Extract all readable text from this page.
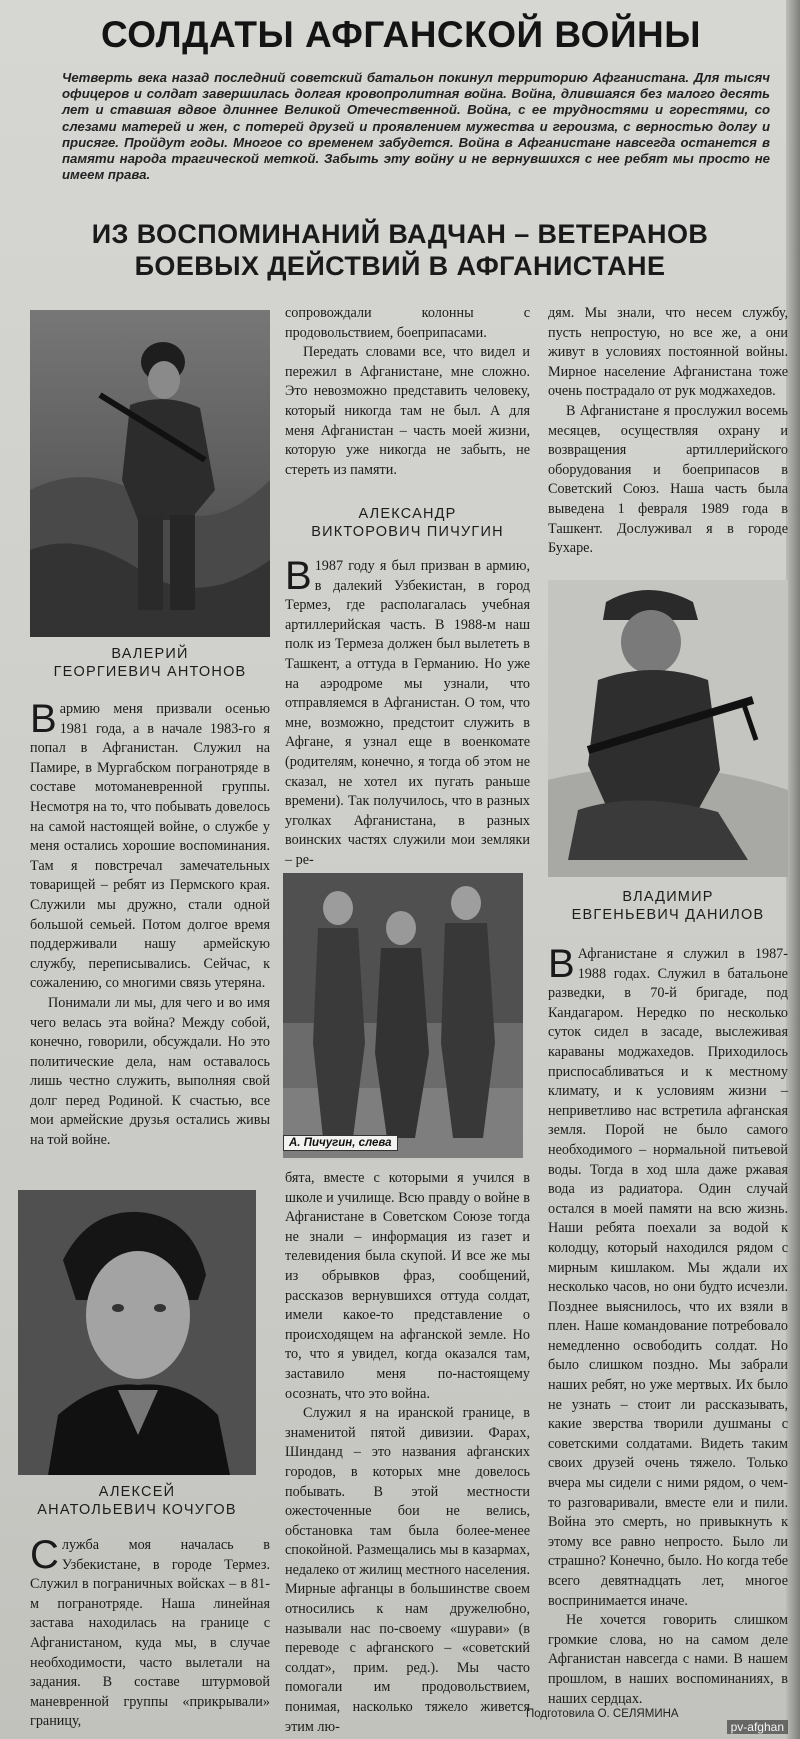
СОЛДАТЫ АФГАНСКОЙ ВОЙНЫ
Четверть века назад последний советский батальон покинул территорию Афганистана. Для тысяч офицеров и солдат завершилась долгая кровопролитная война. Война, длившаяся без малого десять лет и ставшая вдвое длиннее Великой Отечественной. Война, с ее трудностями и горестями, со слезами матерей и жен, с потерей друзей и проявлением мужества и героизма, с верностью долгу и присяге. Пройдут годы. Многое со временем забудется. Война в Афганистане навсегда останется в памяти народа трагической меткой. Забыть эту войну и не вернувшихся с нее ребят мы просто не имеем права.
ИЗ ВОСПОМИНАНИЙ ВАДЧАН – ВЕТЕРАНОВ
БОЕВЫХ ДЕЙСТВИЙ В АФГАНИСТАНЕ
ВАЛЕРИЙ
ГЕОРГИЕВИЧ АНТОНОВ

Вармию меня призвали осенью 1981 года, а в начале 1983-го я попал в Афганистан. Служил на Памире, в Мургабском погранотряде в составе мотоманевренной группы. Несмотря на то, что побывать довелось на самой настоящей войне, о службе у меня остались хорошие воспоминания. Там я повстречал замечательных товарищей – ребят из Пермского края. Служили мы дружно, стали одной большой семьей. Потом долгое время поддерживали нашу армейскую службу, переписывались. Сейчас, к сожалению, со многими связь утеряна.

Понимали ли мы, для чего и во имя чего велась эта война? Между собой, конечно, говорили, обсуждали. Но это политические дела, нам оставалось лишь честно служить, выполняя свой долг перед Родиной. К счастью, все мои армейские друзья остались живы на той войне.

АЛЕКСЕЙ
АНАТОЛЬЕВИЧ КОЧУГОВ

Служба моя началась в Узбекистане, в городе Термез. Служил в пограничных войсках – в 81-м погранотряде. Наша линейная застава находилась на границе с Афганистаном, куда мы, в случае необходимости, часто вылетали на задания. В составе штурмовой маневренной группы «прикрывали» границу,

сопровождали колонны с продовольствием, боеприпасами.

Передать словами все, что видел и пережил в Афганистане, мне сложно. Это невозможно представить человеку, который никогда там не был. А для меня Афганистан – часть моей жизни, которую уже никогда не забыть, не стереть из памяти.

АЛЕКСАНДР
ВИКТОРОВИЧ ПИЧУГИН

В 1987 году я был призван в армию, в далекий Узбекистан, в город Термез, где располагалась учебная артиллерийская часть. В 1988-м наш полк из Термеза должен был вылететь в Ташкент, а оттуда в Германию. Но уже на аэродроме мы узнали, что отправляемся в Афганистан. О том, что мне, возможно, предстоит служить в Афгане, я узнал еще в военкомате (родителям, конечно, я тогда об этом не сказал, не хотел их пугать раньше времени). Так получилось, что в разных уголках Афганистана, в разных воинских частях служили мои земляки – ре-

А. Пичугин, слева

бята, вместе с которыми я учился в школе и училище. Всю правду о войне в Афганистане в Советском Союзе тогда не знали – информация из газет и телевидения была скупой. И все же мы из обрывков фраз, сообщений, рассказов вернувшихся оттуда солдат, имели какое-то представление о происходящем на афганской земле. Но то, что я увидел, когда оказался там, заставило меня по-настоящему осознать, что это война.

Служил я на иранской границе, в знаменитой пятой дивизии. Фарах, Шинданд – это названия афганских городов, в которых мне довелось побывать. В этой местности ожесточенные бои не велись, обстановка там была более-менее спокойной. Размещались мы в казармах, недалеко от жилищ местного населения. Мирные афганцы в большинстве своем относились к нам дружелюбно, называли нас по-своему «шурави» (в переводе с афганского – «советский солдат», прим. ред.). Мы часто помогали им продовольствием, понимая, насколько тяжело живется этим лю-

дям. Мы знали, что несем службу, пусть непростую, но все же, а они живут в условиях постоянной войны. Мирное население Афганистана тоже очень пострадало от рук моджахедов.

В Афганистане я прослужил восемь месяцев, осуществляя охрану и возвращения артиллерийского оборудования и боеприпасов в Советский Союз. Наша часть была выведена 1 февраля 1989 года в Ташкент. Дослуживал я в городе Бухаре.

ВЛАДИМИР
ЕВГЕНЬЕВИЧ ДАНИЛОВ

В Афганистане я служил в 1987-1988 годах. Служил в батальоне разведки, в 70-й бригаде, под Кандагаром. Нередко по несколько суток сидел в засаде, выслеживая караваны моджахедов. Приходилось приспосабливаться и к местному климату, и к условиям жизни – неприветливо нас встретила афганская земля. Порой не было самого необходимого – нормальной питьевой воды. Тогда в ход шла даже ржавая вода из радиатора. Один случай остался в моей памяти на всю жизнь. Наши ребята поехали за водой к колодцу, который находился рядом с мирным кишлаком. Мы ждали их несколько часов, но они будто исчезли. Позднее выяснилось, что их взяли в плен. Наше командование потребовало немедленно освободить солдат. Но было слишком поздно. Мы забрали наших ребят, но уже мертвых. Их было не узнать – стоит ли рассказывать, какие зверства творили душманы с советскими солдатами. Видеть таким своих друзей очень тяжело. Только вчера мы сидели с ними рядом, о чем-то разговаривали, вместе ели и пили. Война это смерть, но привыкнуть к этому все равно непросто. Было ли страшно? Конечно, было. Но когда тебе всего девятнадцать лет, многое воспринимается иначе.

Не хочется говорить слишком громкие слова, но на самом деле Афганистан навсегда с нами. В нашем прошлом, в наших воспоминаниях, в наших сердцах.

Подготовила О. СЕЛЯМИНА
pv-afghan
